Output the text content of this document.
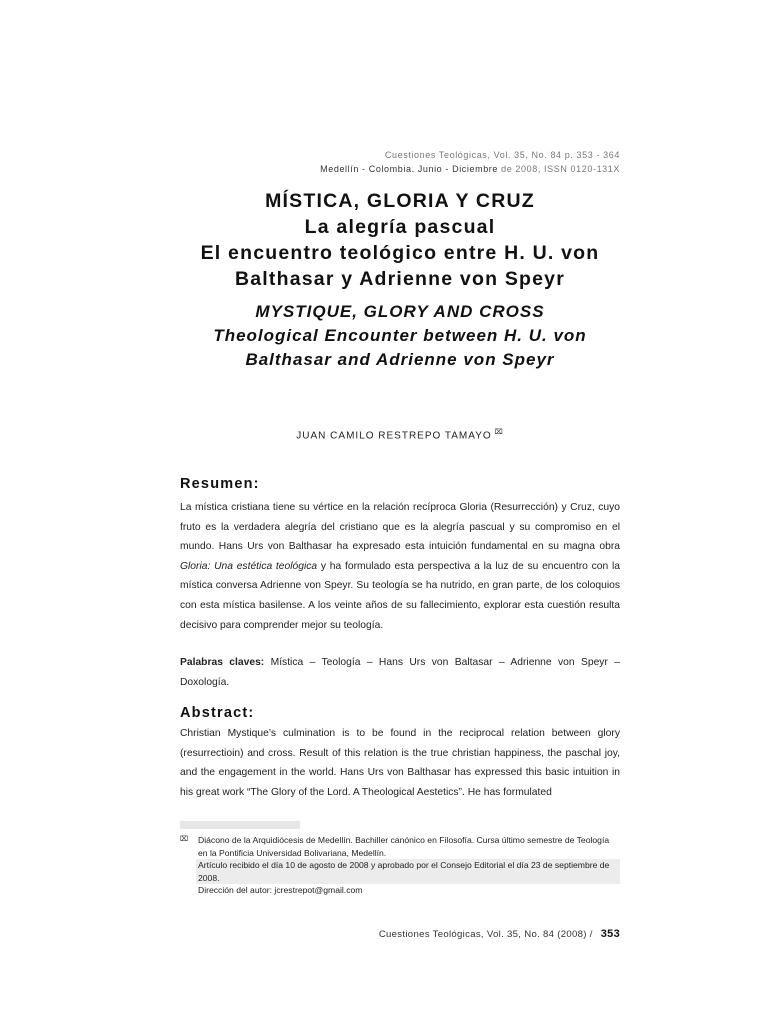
Cuestiones Teológicas, Vol. 35, No. 84 p. 353 - 364
Medellín - Colombia. Junio - Diciembre de 2008, ISSN 0120-131X
MÍSTICA, GLORIA Y CRUZ
La alegría pascual
El encuentro teológico entre H. U. von
Balthasar y Adrienne von Speyr
MYSTIQUE, GLORY AND CROSS
Theological Encounter between H. U. von
Balthasar and Adrienne von Speyr
JUAN CAMILO RESTREPO TAMAYO ⌧
Resumen:
La mística cristiana tiene su vértice en la relación recíproca Gloria (Resurrección) y Cruz, cuyo fruto es la verdadera alegría del cristiano que es la alegría pascual y su compromiso en el mundo. Hans Urs von Balthasar ha expresado esta intuición fundamental en su magna obra Gloria: Una estética teológica y ha formulado esta perspectiva a la luz de su encuentro con la mística conversa Adrienne von Speyr. Su teología se ha nutrido, en gran parte, de los coloquios con esta mística basilense. A los veinte años de su fallecimiento, explorar esta cuestión resulta decisivo para comprender mejor su teología.
Palabras claves: Mística – Teología – Hans Urs von Baltasar – Adrienne von Speyr – Doxología.
Abstract:
Christian Mystique’s culmination is to be found in the reciprocal relation between glory (resurrectioin) and cross. Result of this relation is the true christian happiness, the paschal joy, and the engagement in the world. Hans Urs von Balthasar has expressed this basic intuition in his great work “The Glory of the Lord. A Theological Aestetics”. He has formulated
⌧ Diácono de la Arquidiócesis de Medellín. Bachiller canónico en Filosofía. Cursa último semestre de Teología en la Pontificia Universidad Bolivariana, Medellín.
Artículo recibido el día 10 de agosto de 2008 y aprobado por el Consejo Editorial el día 23 de septiembre de 2008.
Dirección del autor: jcrestrepot@gmail.com
Cuestiones Teológicas, Vol. 35, No. 84 (2008) / 353
